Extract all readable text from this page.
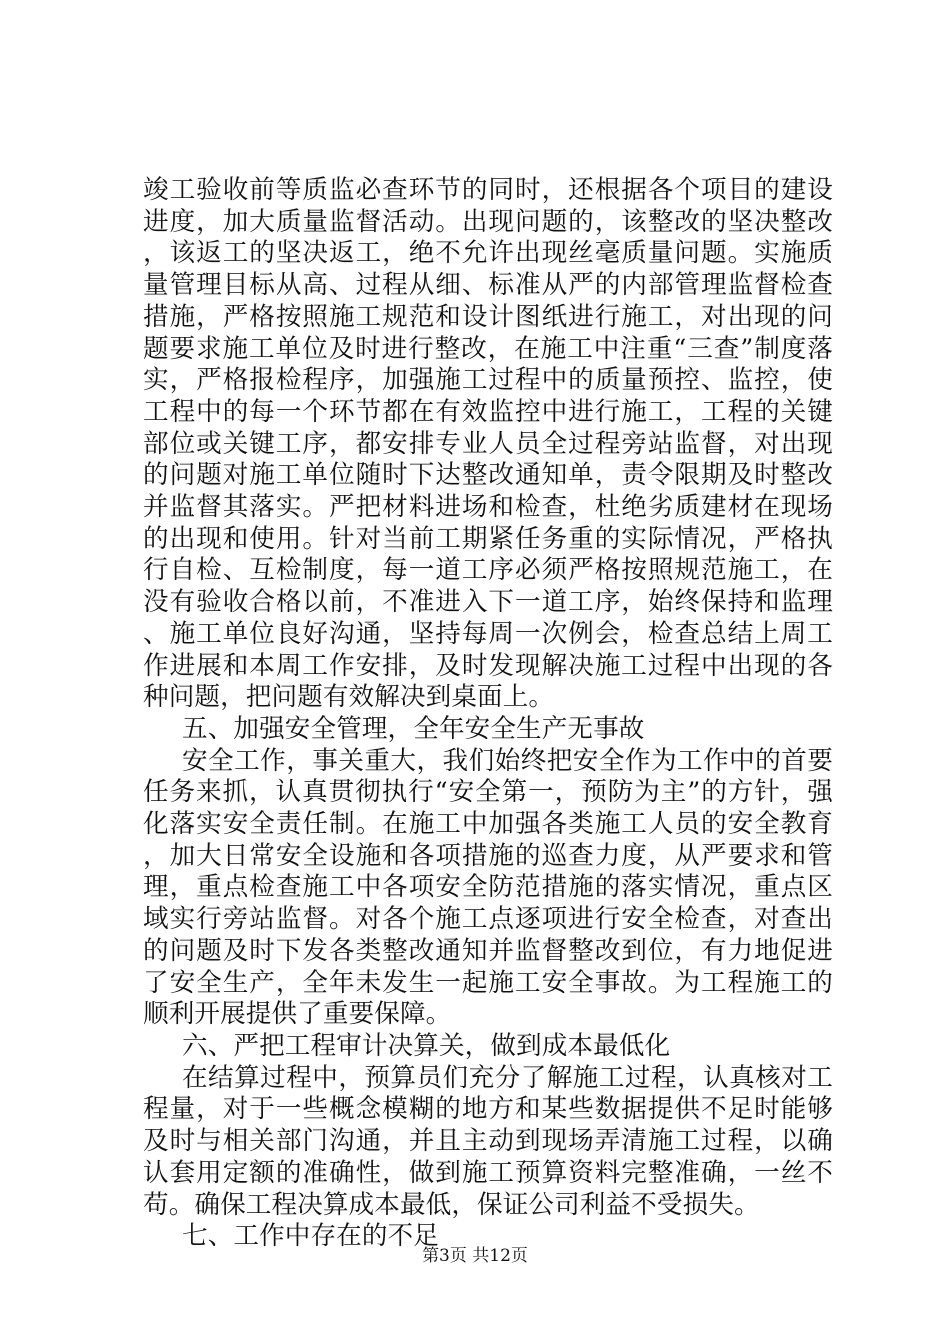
竣工验收前等质监必查环节的同时，还根据各个项目的建设进度，加大质量监督活动。出现问题的，该整改的坚决整改，该返工的坚决返工，绝不允许出现丝毫质量问题。实施质量管理目标从高、过程从细、标准从严的内部管理监督检查措施，严格按照施工规范和设计图纸进行施工，对出现的问题要求施工单位及时进行整改，在施工中注重“三查”制度落实，严格报检程序，加强施工过程中的质量预控、监控，使工程中的每一个环节都在有效监控中进行施工，工程的关键部位或关键工序，都安排专业人员全过程旁站监督，对出现的问题对施工单位随时下达整改通知单，责令限期及时整改并监督其落实。严把材料进场和检查，杜绝劣质建材在现场的出现和使用。针对当前工期紧任务重的实际情况，严格执行自检、互检制度，每一道工序必须严格按照规范施工，在没有验收合格以前，不准进入下一道工序，始终保持和监理、施工单位良好沟通，坚持每周一次例会，检查总结上周工作进展和本周工作安排，及时发现解决施工过程中出现的各种问题，把问题有效解决到桌面上。

五、加强安全管理，全年安全生产无事故

安全工作，事关重大，我们始终把安全作为工作中的首要任务来抓，认真贯彻执行“安全第一，预防为主”的方针，强化落实安全责任制。在施工中加强各类施工人员的安全教育，加大日常安全设施和各项措施的巡查力度，从严要求和管理，重点检查施工中各项安全防范措施的落实情况，重点区域实行旁站监督。对各个施工点逐项进行安全检查，对查出的问题及时下发各类整改通知并监督整改到位，有力地促进了安全生产，全年未发生一起施工安全事故。为工程施工的顺利开展提供了重要保障。

六、严把工程审计决算关，做到成本最低化

在结算过程中，预算员们充分了解施工过程，认真核对工程量，对于一些概念模糊的地方和某些数据提供不足时能够及时与相关部门沟通，并且主动到现场弄清施工过程，以确认套用定额的准确性，做到施工预算资料完整准确，一丝不苟。确保工程决算成本最低，保证公司利益不受损失。

七、工作中存在的不足

第3页 共12页
